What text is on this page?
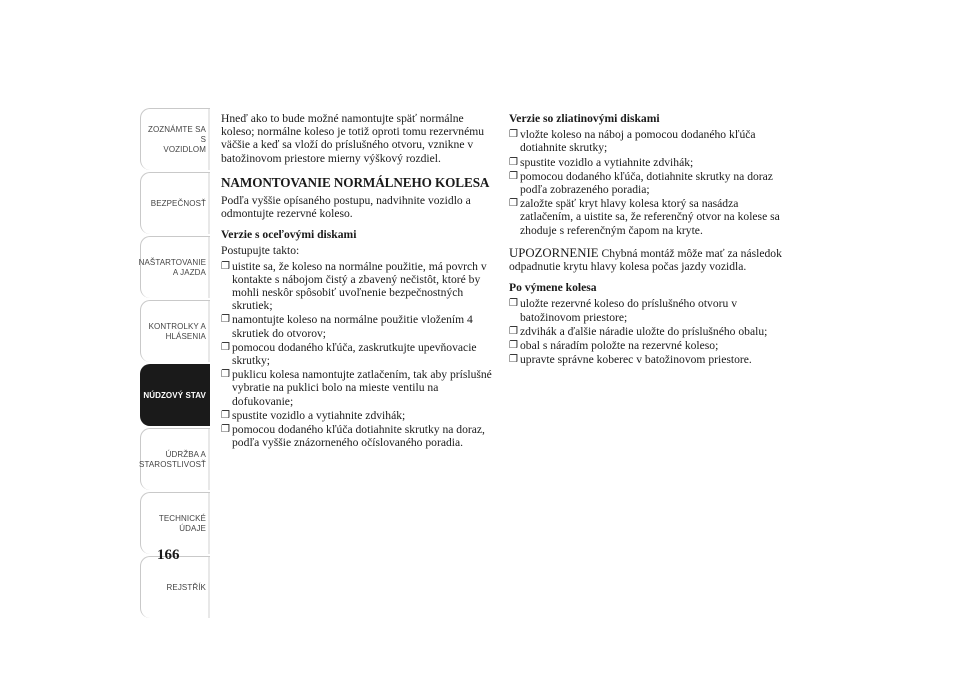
ZOZNÁMTE SA S
VOZIDLOM
BEZPEČNOSŤ
NAŠTARTOVANIE
A JAZDA
KONTROLKY A
HLÁSENIA
NÚDZOVÝ STAV
ÚDRŽBA A
STAROSTLIVOSŤ
TECHNICKÉ
ÚDAJE
REJSTŘÍK
166

Hneď ako to bude možné namontujte späť normálne koleso; normálne koleso je totiž oproti tomu rezervnému väčšie a keď sa vloží do príslušného otvoru, vznikne v batožinovom priestore mierny výškový rozdiel.

NAMONTOVANIE NORMÁLNEHO KOLESA

Podľa vyššie opísaného postupu, nadvihnite vozidlo a odmontujte rezervné koleso.

Verzie s oceľovými diskami

Postupujte takto:

❐ uistite sa, že koleso na normálne použitie, má povrch v kontakte s nábojom čistý a zbavený nečistôt, ktoré by mohli neskôr spôsobiť uvoľnenie bezpečnostných skrutiek;
❐ namontujte koleso na normálne použitie vložením 4 skrutiek do otvorov;
❐ pomocou dodaného kľúča, zaskrutkujte upevňovacie skrutky;
❐ puklicu kolesa namontujte zatlačením, tak aby príslušné vybratie na puklici bolo na mieste ventilu na dofukovanie;
❐ spustite vozidlo a vytiahnite zdvihák;
❐ pomocou dodaného kľúča dotiahnite skrutky na doraz, podľa vyššie znázorneného očíslovaného poradia.
Verzie so zliatinovými diskami
❐ vložte koleso na náboj a pomocou dodaného kľúča dotiahnite skrutky;
❐ spustite vozidlo a vytiahnite zdvihák;
❐ pomocou dodaného kľúča, dotiahnite skrutky na doraz podľa zobrazeného poradia;
❐ založte späť kryt hlavy kolesa ktorý sa nasádza zatlačením, a uistite sa, že referenčný otvor na kolese sa zhoduje s referenčným čapom na kryte.

UPOZORNENIE Chybná montáž môže mať za následok odpadnutie krytu hlavy kolesa počas jazdy vozidla.

Po výmene kolesa
❐ uložte rezervné koleso do príslušného otvoru v batožinovom priestore;
❐ zdvihák a ďalšie náradie uložte do príslušného obalu;
❐ obal s náradím položte na rezervné koleso;
❐ upravte správne koberec v batožinovom priestore.
